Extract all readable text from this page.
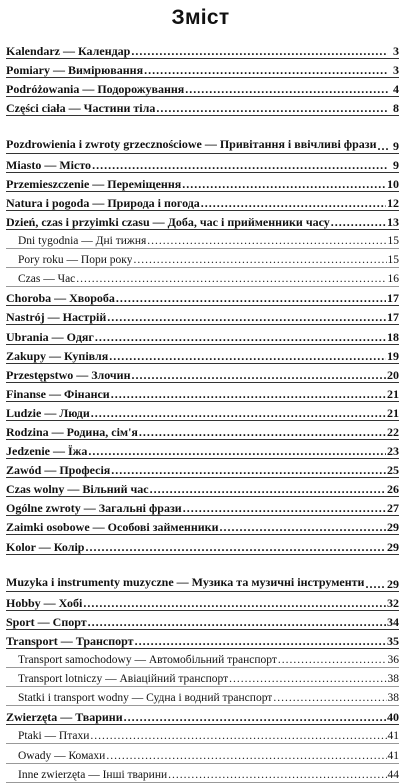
Зміст
Kalendarz — Календар .....	3
Pomiary — Вимірювання .....	3
Podróżowania — Подорожування .....	4
Części ciała — Частини тіла .....	8
Pozdrowienia i zwroty grzecznościowe — Привітання і ввічливі фрази .....	9
Miasto — Місто .....	9
Przemieszczenie — Переміщення .....	10
Natura i pogoda — Природа і погода .....	12
Dzień, czas i przyimki czasu — Доба, час і прийменники часу .....	13
Dni tygodnia — Дні тижня .....	15
Pory roku — Пори року .....	15
Czas — Час .....	16
Choroba — Хвороба .....	17
Nastrój — Настрій .....	17
Ubrania — Одяг .....	18
Zakupy — Купівля .....	19
Przestępstwo — Злочин .....	20
Finanse — Фінанси .....	21
Ludzie — Люди .....	21
Rodzina — Родина, сім'я .....	22
Jedzenie — Їжа .....	23
Zawód — Професія .....	25
Czas wolny — Вільний час .....	26
Ogólne zwroty — Загальні фрази .....	27
Zaimki osobowe — Особові займенники .....	29
Kolor — Колір .....	29
Muzyka i instrumenty muzyczne — Музика та музичні інструменти ..... 29
Hobby — Хобі .....	32
Sport — Спорт .....	34
Transport — Транспорт .....	35
Transport samochodowy — Автомобільний транспорт .....	36
Transport lotniczy — Авіаційний транспорт .....	38
Statki i transport wodny — Судна і водний транспорт .....	38
Zwierzęta — Тварини .....	40
Ptaki — Птахи .....	41
Owady — Комахи .....	41
Inne zwierzęta — Інші тварини .....	44
